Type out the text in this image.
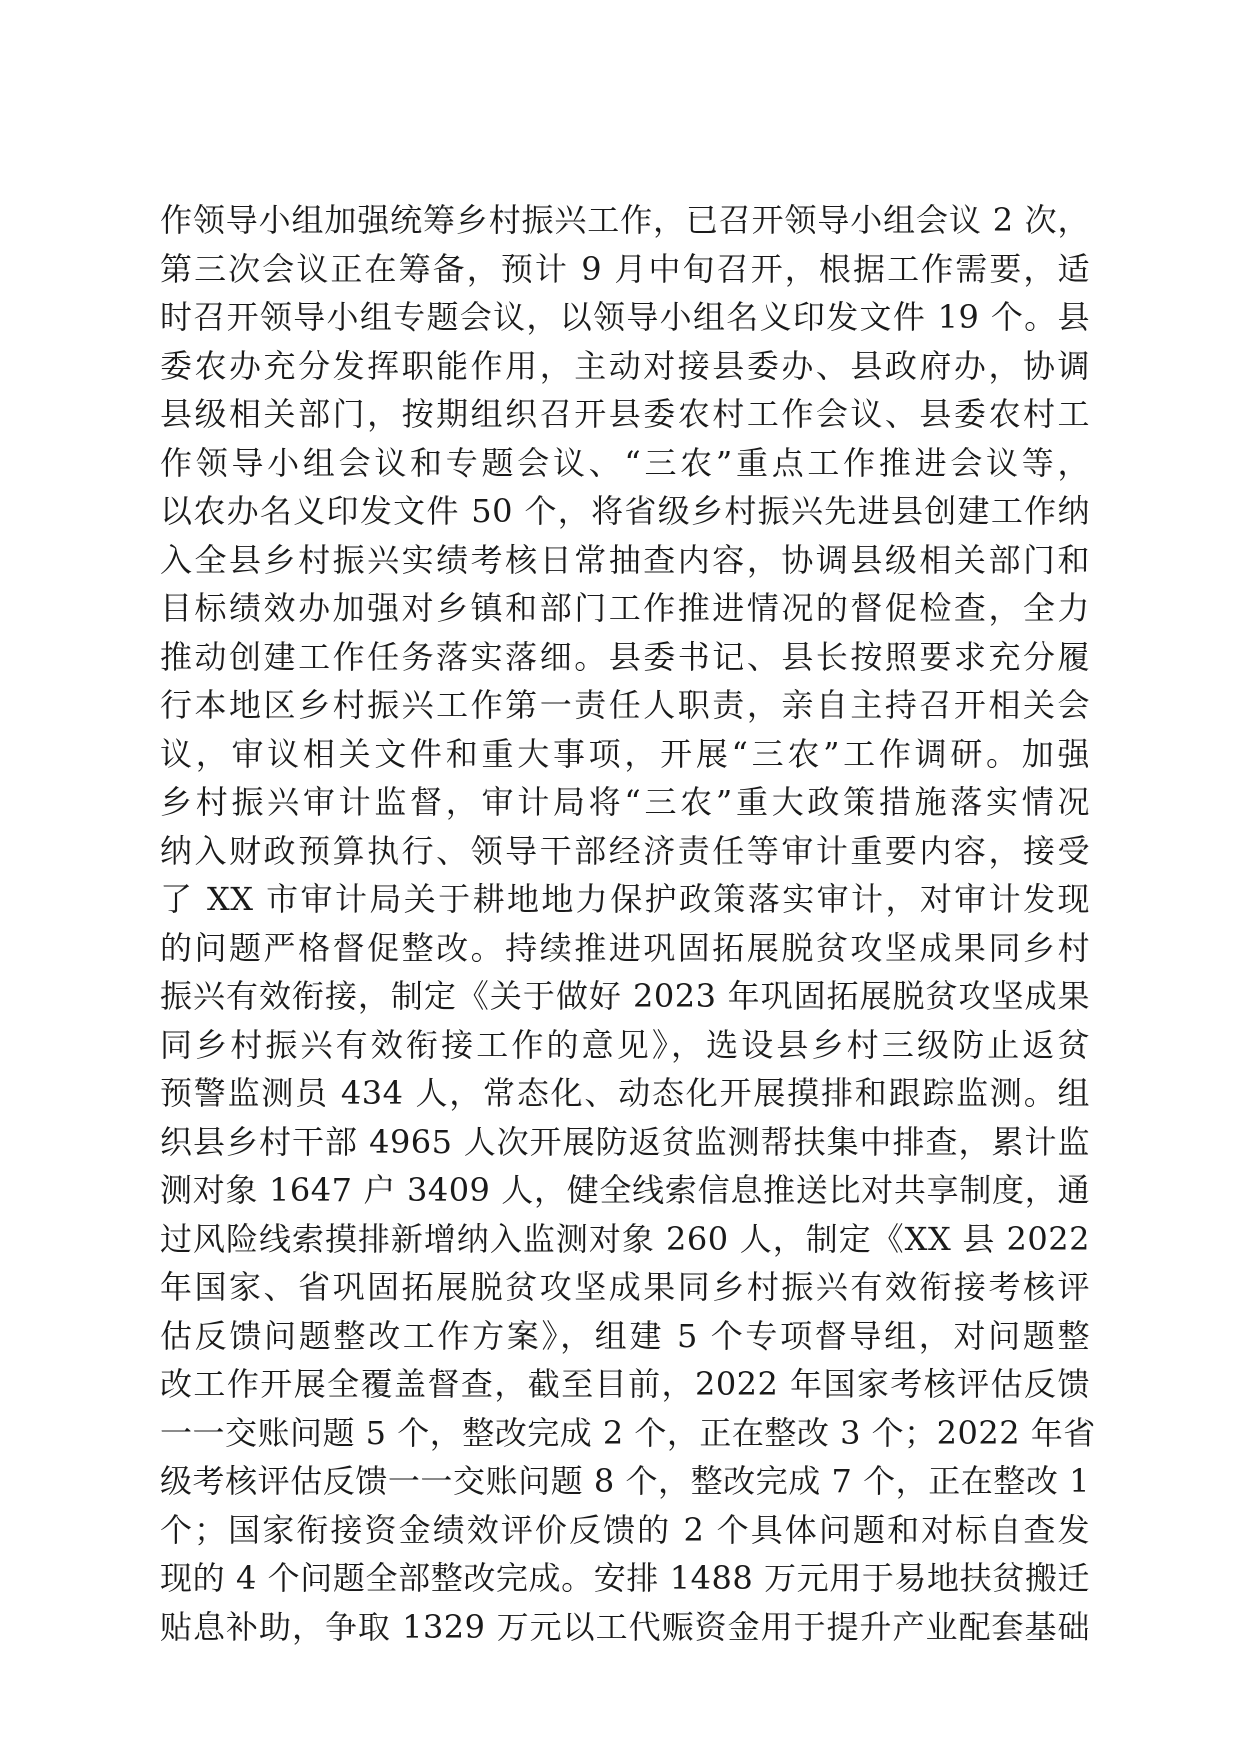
作领导小组加强统筹乡村振兴工作，已召开领导小组会议 2 次，
第三次会议正在筹备，预计 9 月中旬召开，根据工作需要，适
时召开领导小组专题会议，以领导小组名义印发文件 19 个。县
委农办充分发挥职能作用，主动对接县委办、县政府办，协调
县级相关部门，按期组织召开县委农村工作会议、县委农村工
作领导小组会议和专题会议、“三农”重点工作推进会议等，
以农办名义印发文件 50 个，将省级乡村振兴先进县创建工作纳
入全县乡村振兴实绩考核日常抽查内容，协调县级相关部门和
目标绩效办加强对乡镇和部门工作推进情况的督促检查，全力
推动创建工作任务落实落细。县委书记、县长按照要求充分履
行本地区乡村振兴工作第一责任人职责，亲自主持召开相关会
议，审议相关文件和重大事项，开展“三农”工作调研。加强
乡村振兴审计监督，审计局将“三农”重大政策措施落实情况
纳入财政预算执行、领导干部经济责任等审计重要内容，接受
了 XX 市审计局关于耕地地力保护政策落实审计，对审计发现
的问题严格督促整改。持续推进巩固拓展脱贫攻坚成果同乡村
振兴有效衔接，制定《关于做好 2023 年巩固拓展脱贫攻坚成果
同乡村振兴有效衔接工作的意见》，选设县乡村三级防止返贫
预警监测员 434 人，常态化、动态化开展摸排和跟踪监测。组
织县乡村干部 4965 人次开展防返贫监测帮扶集中排查，累计监
测对象 1647 户 3409 人，健全线索信息推送比对共享制度，通
过风险线索摸排新增纳入监测对象 260 人，制定《XX 县 2022
年国家、省巩固拓展脱贫攻坚成果同乡村振兴有效衔接考核评
估反馈问题整改工作方案》，组建 5 个专项督导组，对问题整
改工作开展全覆盖督查，截至目前，2022 年国家考核评估反馈
一一交账问题 5 个，整改完成 2 个，正在整改 3 个；2022 年省
级考核评估反馈一一交账问题 8 个，整改完成 7 个，正在整改 1
个；国家衔接资金绩效评价反馈的 2 个具体问题和对标自查发
现的 4 个问题全部整改完成。安排 1488 万元用于易地扶贫搬迁
贴息补助，争取 1329 万元以工代赈资金用于提升产业配套基础
